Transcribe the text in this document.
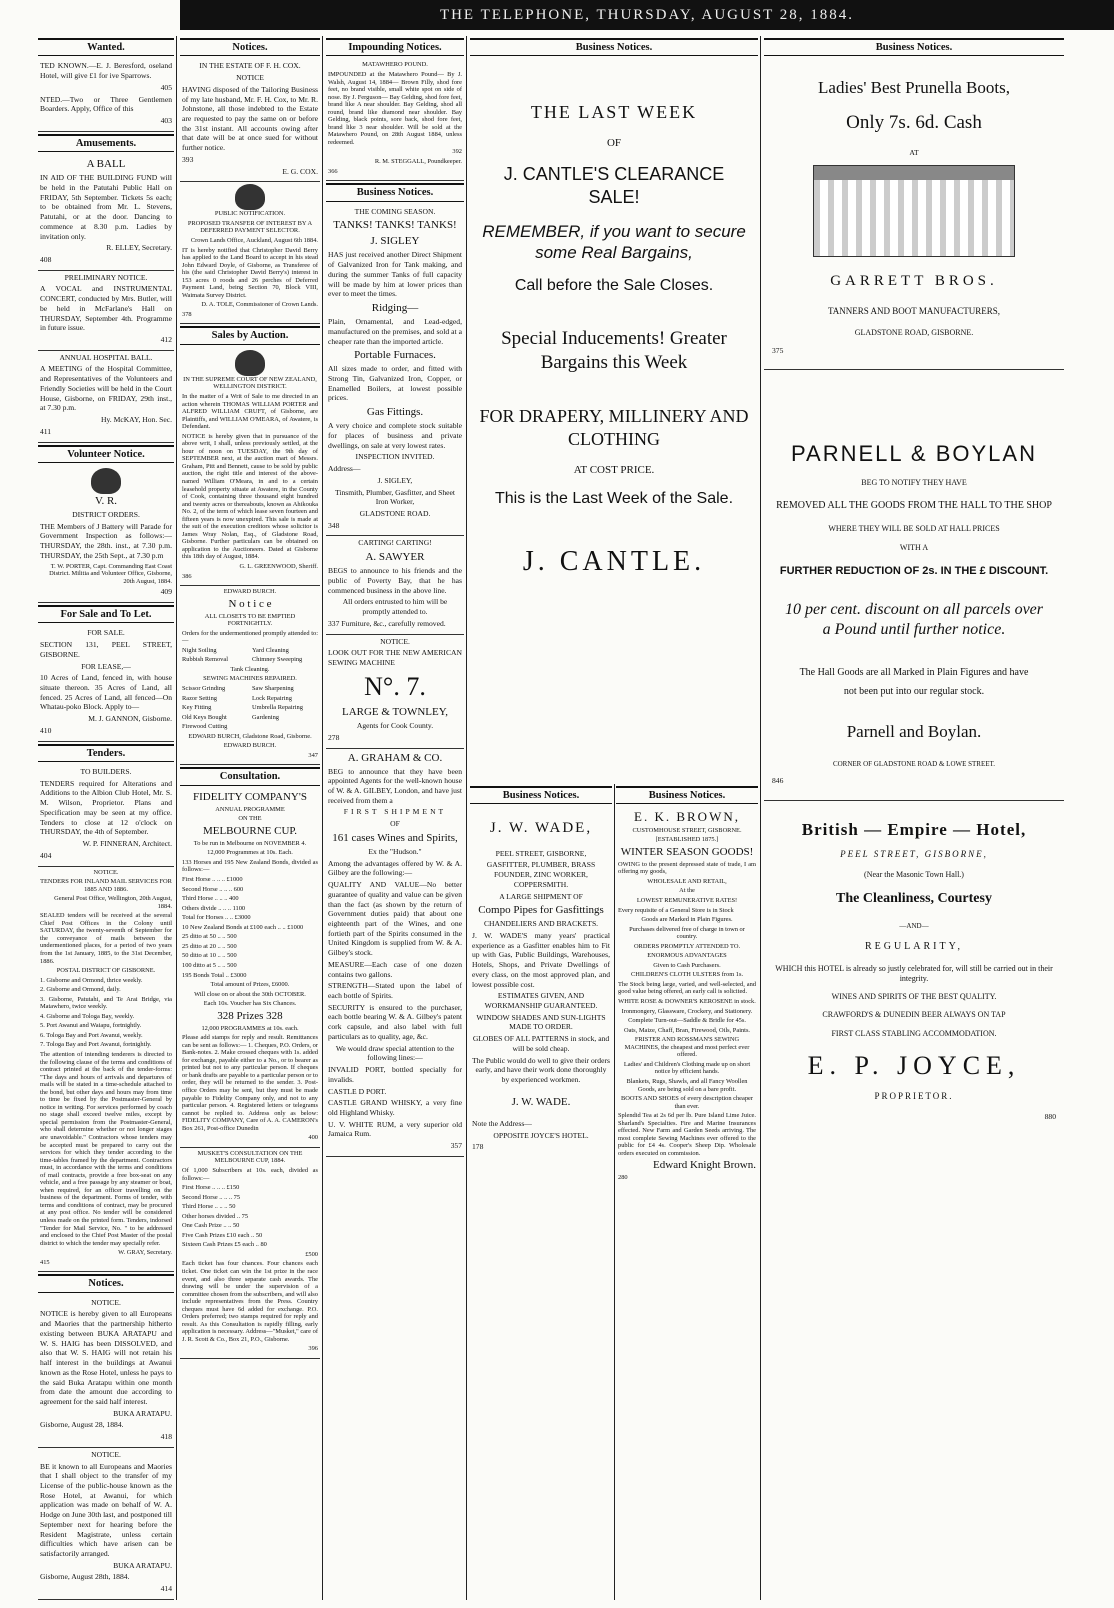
THE TELEPHONE, THURSDAY, AUGUST 28, 1884.
Wanted.

TED KNOWN.—E. J. Beresford, oseland Hotel, will give £1 for ive Sparrows.

405

NTED.—Two or Three Gentlemen Boarders. Apply, Office of this

403

Amusements.

A BALL

IN AID OF THE BUILDING FUND will be held in the Patutahi Public Hall on FRIDAY, 5th September. Tickets 5s each; to be obtained from Mr. L. Stevens, Patutahi, or at the door. Dancing to commence at 8.30 p.m. Ladies by invitation only.

R. ELLEY, Secretary.

408

PRELIMINARY NOTICE.

A VOCAL and INSTRUMENTAL CONCERT, conducted by Mrs. Butler, will be held in McFarlane's Hall on THURSDAY, September 4th. Programme in future issue.

412

ANNUAL HOSPITAL BALL.

A MEETING of the Hospital Committee, and Representatives of the Volunteers and Friendly Societies will be held in the Court House, Gisborne, on FRIDAY, 29th inst., at 7.30 p.m.

Hy. McKAY, Hon. Sec.

411

Volunteer Notice.

V. R.

DISTRICT ORDERS.

THE Members of J Battery will Parade for Government Inspection as follows:— THURSDAY, the 28th. inst., at 7.30 p.m. THURSDAY, the 25th Sept., at 7.30 p.m

T. W. PORTER, Capt. Commanding East Coast District. Militia and Volunteer Office, Gisborne, 20th August, 1884.

409

For Sale and To Let.

FOR SALE.

SECTION 131, PEEL STREET, GISBORNE.

FOR LEASE,—

10 Acres of Land, fenced in, with house situate thereon. 35 Acres of Land, all fenced. 25 Acres of Land, all fenced—On Whatau-poko Block. Apply to—

M. J. GANNON, Gisborne.

410

Tenders.

TO BUILDERS.

TENDERS required for Alterations and Additions to the Albion Club Hotel, Mr. S. M. Wilson, Proprietor. Plans and Specification may be seen at my office. Tenders to close at 12 o'clock on THURSDAY, the 4th of September.

W. P. FINNERAN, Architect.

404

NOTICE.

TENDERS FOR INLAND MAIL SERVICES FOR 1885 AND 1886.

General Post Office, Wellington, 20th August, 1884.

SEALED tenders will be received at the several Chief Post Offices in the Colony until SATURDAY, the twenty-seventh of September for the conveyance of mails between the undermentioned places, for a period of two years from the 1st January, 1885, to the 31st December, 1886.

POSTAL DISTRICT OF GISBORNE.

1. Gisborne and Ormond, thrice weekly.

2. Gisborne and Ormond, daily.

3. Gisborne, Patutahi, and Te Arai Bridge, via Matawhero, twice weekly.

4. Gisborne and Tologa Bay, weekly.

5. Port Awanui and Waiapu, fortnightly.

6. Tologa Bay and Port Awanui, weekly.

7. Tologa Bay and Port Awanui, fortnightly.

The attention of intending tenderers is directed to the following clause of the terms and conditions of contract printed at the back of the tender-forms: "The days and hours of arrivals and departures of mails will be stated in a time-schedule attached to the bond, but other days and hours may from time to time be fixed by the Postmaster-General by notice in writing. For services performed by coach no stage shall exceed twelve miles, except by special permission from the Postmaster-General, who shall determine whether or not longer stages are unavoidable." Contractors whose tenders may be accepted must be prepared to carry out the services for which they tender according to the time-tables framed by the department. Contractors must, in accordance with the terms and conditions of mail contracts, provide a free box-seat on any vehicle, and a free passage by any steamer or boat, when required, for an officer travelling on the business of the department. Forms of tender, with terms and conditions of contract, may be procured at any post office. No tender will be considered unless made on the printed form. Tenders, indorsed "Tender for Mail Service, No. " to be addressed and enclosed to the Chief Post Master of the postal district to which the tender may specially refer.

W. GRAY, Secretary.

415

Notices.

NOTICE.

NOTICE is hereby given to all Europeans and Maories that the partnership hitherto existing between BUKA ARATAPU and W. S. HAIG has been DISSOLVED, and also that W. S. HAIG will not retain his half interest in the buildings at Awanui known as the Rose Hotel, unless he pays to the said Buka Aratapu within one month from date the amount due according to agreement for the said half interest.

BUKA ARATAPU.

Gisborne, August 28, 1884.

418

NOTICE.

BE it known to all Europeans and Maories that I shall object to the transfer of my License of the public-house known as the Rose Hotel, at Awanui, for which application was made on behalf of W. A. Hodge on June 30th last, and postponed till September next for hearing before the Resident Magistrate, unless certain difficulties which have arisen can be satisfactorily arranged.

BUKA ARATAPU.

Gisborne, August 28th, 1884.

414

Notices.

IN THE ESTATE OF F. H. COX.

NOTICE

HAVING disposed of the Tailoring Business of my late husband, Mr. F. H. Cox, to Mr. R. Johnstone, all those indebted to the Estate are requested to pay the same on or before the 31st instant. All accounts owing after that date will be at once sued for without further notice.

393

E. G. COX.

PUBLIC NOTIFICATION.

PROPOSED TRANSFER OF INTEREST BY A DEFERRED PAYMENT SELECTOR.

Crown Lands Office, Auckland, August 6th 1884.

IT is hereby notified that Christopher David Berry has applied to the Land Board to accept in his stead John Edward Doyle, of Gisborne, as Transferee of his (the said Christopher David Berry's) interest in 153 acres 0 roods and 26 perches of Deferred Payment Land, being Section 70, Block VIII, Waimata Survey District.

D. A. TOLE, Commissioner of Crown Lands.

378

Sales by Auction.

IN THE SUPREME COURT OF NEW ZEALAND, WELLINGTON DISTRICT.

In the matter of a Writ of Sale to me directed in an action wherein THOMAS WILLIAM PORTER and ALFRED WILLIAM CRUFT, of Gisborne, are Plaintiffs, and WILLIAM O'MEARA, of Awatere, is Defendant.

NOTICE is hereby given that in pursuance of the above writ, I shall, unless previously settled, at the hour of noon on TUESDAY, the 9th day of SEPTEMBER next, at the auction mart of Messrs. Graham, Pitt and Bennett, cause to be sold by public auction, the right title and interest of the above-named William O'Meara, in and to a certain leasehold property situate at Awatere, in the County of Cook, containing three thousand eight hundred and twenty acres or thereabouts, known as Ahikouka No. 2, of the term of which lease seven fourteen and fifteen years is now unexpired. This sale is made at the suit of the execution creditors whose solicitor is James Wray Nolan, Esq., of Gladstone Road, Gisborne. Further particulars can be obtained on application to the Auctioneers. Dated at Gisborne this 18th day of August, 1884.

G. L. GREENWOOD, Sheriff.

386

EDWARD BURCH.

N o t i c e

ALL CLOSETS TO BE EMPTIED FORTNIGHTLY.

Orders for the undermentioned promptly attended to:—

Night Soiling

Rubbish Removal

Yard Cleaning

Chimney Sweeping

Tank Cleaning.

SEWING MACHINES REPAIRED.

Scissor Grinding

Razor Setting

Key Fitting

Old Keys Bought

Firewood Cutting

Saw Sharpening

Lock Repairing

Umbrella Repairing

Gardening

EDWARD BURCH, Gladstone Road, Gisborne.

EDWARD BURCH.

347

Consultation.

FIDELITY COMPANY'S

ANNUAL PROGRAMME

ON THE

MELBOURNE CUP.

To be run in Melbourne on NOVEMBER 4.

12,000 Programmes at 10s. Each.

133 Horses and 195 New Zealand Bonds, divided as follows:—

First Horse .. .. .. £1000

Second Horse .. .. .. 600

Third Horse .. .. .. 400

Others divide .. .. .. 1100

Total for Horses .. .. £3000

10 New Zealand Bonds at £100 each .. .. £1000

25 ditto at 50 .. .. 500

25 ditto at 20 .. .. 500

50 ditto at 10 .. .. 500

100 ditto at 5 .. .. 500

195 Bonds Total .. £3000

Total amount of Prizes, £6000.

Will close on or about the 30th OCTOBER.

Each 10s. Voucher has Six Chances.

328 Prizes 328

12,000 PROGRAMMES at 10s. each.

Please add stamps for reply and result. Remittances can be sent as follows:— 1. Cheques, P.O. Orders, or Bank-notes. 2. Make crossed cheques with 1s. added for exchange, payable either to a No., or to bearer as printed but not to any particular person. If cheques or bank drafts are payable to a particular person or to order, they will be returned to the sender. 3. Post-office Orders may be sent, but they must be made payable to Fidelity Company only, and not to any particular person. 4. Registered letters or telegrams cannot be replied to. Address only as below: FIDELITY COMPANY, Care of A. A. CAMERON's Box 261, Post-office Dunedin

400

MUSKET'S CONSULTATION ON THE MELBOURNE CUP, 1884.

Of 1,000 Subscribers at 10s. each, divided as follows:—

First Horse .. .. .. £150

Second Horse .. .. .. 75

Third Horse .. .. .. 50

Other horses divided .. 75

One Cash Prize .. .. 50

Five Cash Prizes £10 each .. 50

Sixteen Cash Prizes £5 each .. 80

£500

Each ticket has four chances. Four chances each ticket. One ticket can win the 1st prize in the race event, and also three separate cash awards. The drawing will be under the supervision of a committee chosen from the subscribers, and will also include representatives from the Press. Country cheques must have 6d added for exchange. P.O. Orders preferred; two stamps required for reply and result. As this Consultation is rapidly filling, early application is necessary. Address—"Musket," care of J. R. Scott & Co., Box 21, P.O., Gisborne.

396

Impounding Notices.

MATAWHERO POUND.

IMPOUNDED at the Matawhero Pound— By J. Walsh, August 14, 1884— Brown Filly, shod fore feet, no brand visible, small white spot on side of nose. By J. Ferguson— Bay Gelding, shod fore feet, brand like A near shoulder. Bay Gelding, shod all round, brand like diamond near shoulder. Bay Gelding, black points, sore back, shod fore feet, brand like 3 near shoulder. Will be sold at the Matawhero Pound, on 28th August 1884, unless redeemed.

392

R. M. STEGGALL, Poundkeeper.

366

Business Notices.

THE COMING SEASON.

TANKS! TANKS! TANKS!

J. SIGLEY

HAS just received another Direct Shipment of Galvanized Iron for Tank making, and during the summer Tanks of full capacity will be made by him at lower prices than ever to meet the times.

Ridging—

Plain, Ornamental, and Lead-edged, manufactured on the premises, and sold at a cheaper rate than the imported article.

Portable Furnaces.

All sizes made to order, and fitted with Strong Tin, Galvanized Iron, Copper, or Enamelled Boilers, at lowest possible prices.

Gas Fittings.

A very choice and complete stock suitable for places of business and private dwellings, on sale at very lowest rates.

INSPECTION INVITED.

Address—

J. SIGLEY,

Tinsmith, Plumber, Gasfitter, and Sheet Iron Worker,

GLADSTONE ROAD.

348

CARTING! CARTING!

A. SAWYER

BEGS to announce to his friends and the public of Poverty Bay, that he has commenced business in the above line.

All orders entrusted to him will be promptly attended to.

337 Furniture, &c., carefully removed.

NOTICE.

LOOK OUT FOR THE NEW AMERICAN SEWING MACHINE

N°. 7.

LARGE & TOWNLEY,

Agents for Cook County.

278

A. GRAHAM & CO.

BEG to announce that they have been appointed Agents for the well-known house of W. & A. GILBEY, London, and have just received from them a

FIRST SHIPMENT

OF

161 cases Wines and Spirits,

Ex the "Hudson."

Among the advantages offered by W. & A. Gilbey are the following:—

QUALITY AND VALUE—No better guarantee of quality and value can be given than the fact (as shown by the return of Government duties paid) that about one eighteenth part of the Wines, and one fortieth part of the Spirits consumed in the United Kingdom is supplied from W. & A. Gilbey's stock.

MEASURE—Each case of one dozen contains two gallons.

STRENGTH—Stated upon the label of each bottle of Spirits.

SECURITY is ensured to the purchaser, each bottle bearing W. & A. Gilbey's patent cork capsule, and also label with full particulars as to quality, age, &c.

We would draw special attention to the following lines:—

INVALID PORT, bottled specially for invalids.

CASTLE D PORT.

CASTLE GRAND WHISKY, a very fine old Highland Whisky.

U. V. WHITE RUM, a very superior old Jamaica Rum.

357

Business Notices.

THE LAST WEEK

OF

J. CANTLE'S CLEARANCE SALE!

REMEMBER, if you want to secure some Real Bargains,

Call before the Sale Closes.

Special Inducements! Greater Bargains this Week

FOR DRAPERY, MILLINERY AND CLOTHING

AT COST PRICE.

This is the Last Week of the Sale.

J. CANTLE.

Business Notices.

J. W. WADE,

PEEL STREET, GISBORNE,

GASFITTER, PLUMBER, BRASS FOUNDER, ZINC WORKER, COPPERSMITH.

A LARGE SHIPMENT OF

Compo Pipes for Gasfittings

CHANDELIERS AND BRACKETS.

J. W. WADE'S many years' practical experience as a Gasfitter enables him to Fit up with Gas, Public Buildings, Warehouses, Hotels, Shops, and Private Dwellings of every class, on the most approved plan, and lowest possible cost.

ESTIMATES GIVEN, AND WORKMANSHIP GUARANTEED.

WINDOW SHADES AND SUN-LIGHTS MADE TO ORDER.

GLOBES OF ALL PATTERNS in stock, and will be sold cheap.

The Public would do well to give their orders early, and have their work done thoroughly by experienced workmen.

J. W. WADE.

Note the Address—

OPPOSITE JOYCE'S HOTEL.

178

Business Notices.

E. K. BROWN,

CUSTOMHOUSE STREET, GISBORNE.

[ESTABLISHED 1875.]

WINTER SEASON GOODS!

OWING to the present depressed state of trade, I am offering my goods,

WHOLESALE AND RETAIL,

At the

LOWEST REMUNERATIVE RATES!

Every requisite of a General Store is in Stock

Goods are Marked in Plain Figures.

Purchases delivered free of charge in town or country.

ORDERS PROMPTLY ATTENDED TO.

ENORMOUS ADVANTAGES

Given to Cash Purchasers.

CHILDREN'S CLOTH ULSTERS from 1s.

The Stock being large, varied, and well-selected, and good value being offered, an early call is solicited.

WHITE ROSE & DOWNER'S KEROSENE in stock.

Ironmongery, Glassware, Crockery, and Stationery.

Complete Turn-out—Saddle & Bridle for 45s.

Oats, Maize, Chaff, Bran, Firewood, Oils, Paints.

FRISTER AND ROSSMAN'S SEWING MACHINES, the cheapest and most perfect ever offered.

Ladies' and Children's Clothing made up on short notice by efficient hands.

Blankets, Rugs, Shawls, and all Fancy Woollen Goods, are being sold on a bare profit.

BOOTS AND SHOES of every description cheaper than ever.

Splendid Tea at 2s 6d per lb. Pure Island Lime Juice. Sharland's Specialties. Fire and Marine Insurances effected. New Farm and Garden Seeds arriving. The most complete Sewing Machines ever offered to the public for £4 4s. Cooper's Sheep Dip. Wholesale orders executed on commission.

Edward Knight Brown.

280

Business Notices.

Ladies' Best Prunella Boots,

Only 7s. 6d. Cash

AT

GARRETT BROS.

TANNERS AND BOOT MANUFACTURERS,

GLADSTONE ROAD, GISBORNE.

375

PARNELL & BOYLAN

BEG TO NOTIFY THEY HAVE

REMOVED ALL THE GOODS FROM THE HALL TO THE SHOP

WHERE THEY WILL BE SOLD AT HALL PRICES

WITH A

FURTHER REDUCTION OF 2s. IN THE £ DISCOUNT.

10 per cent. discount on all parcels over a Pound until further notice.

The Hall Goods are all Marked in Plain Figures and have not been put into our regular stock.

Parnell and Boylan.

CORNER OF GLADSTONE ROAD & LOWE STREET.

846

British — Empire — Hotel,

PEEL STREET, GISBORNE,

(Near the Masonic Town Hall.)

The Cleanliness, Courtesy

—AND—

REGULARITY,

WHICH this HOTEL is already so justly celebrated for, will still be carried out in their integrity.

WINES AND SPIRITS OF THE BEST QUALITY.

CRAWFORD'S & DUNEDIN BEER ALWAYS ON TAP

FIRST CLASS STABLING ACCOMMODATION.

E. P. JOYCE,

PROPRIETOR.

880
